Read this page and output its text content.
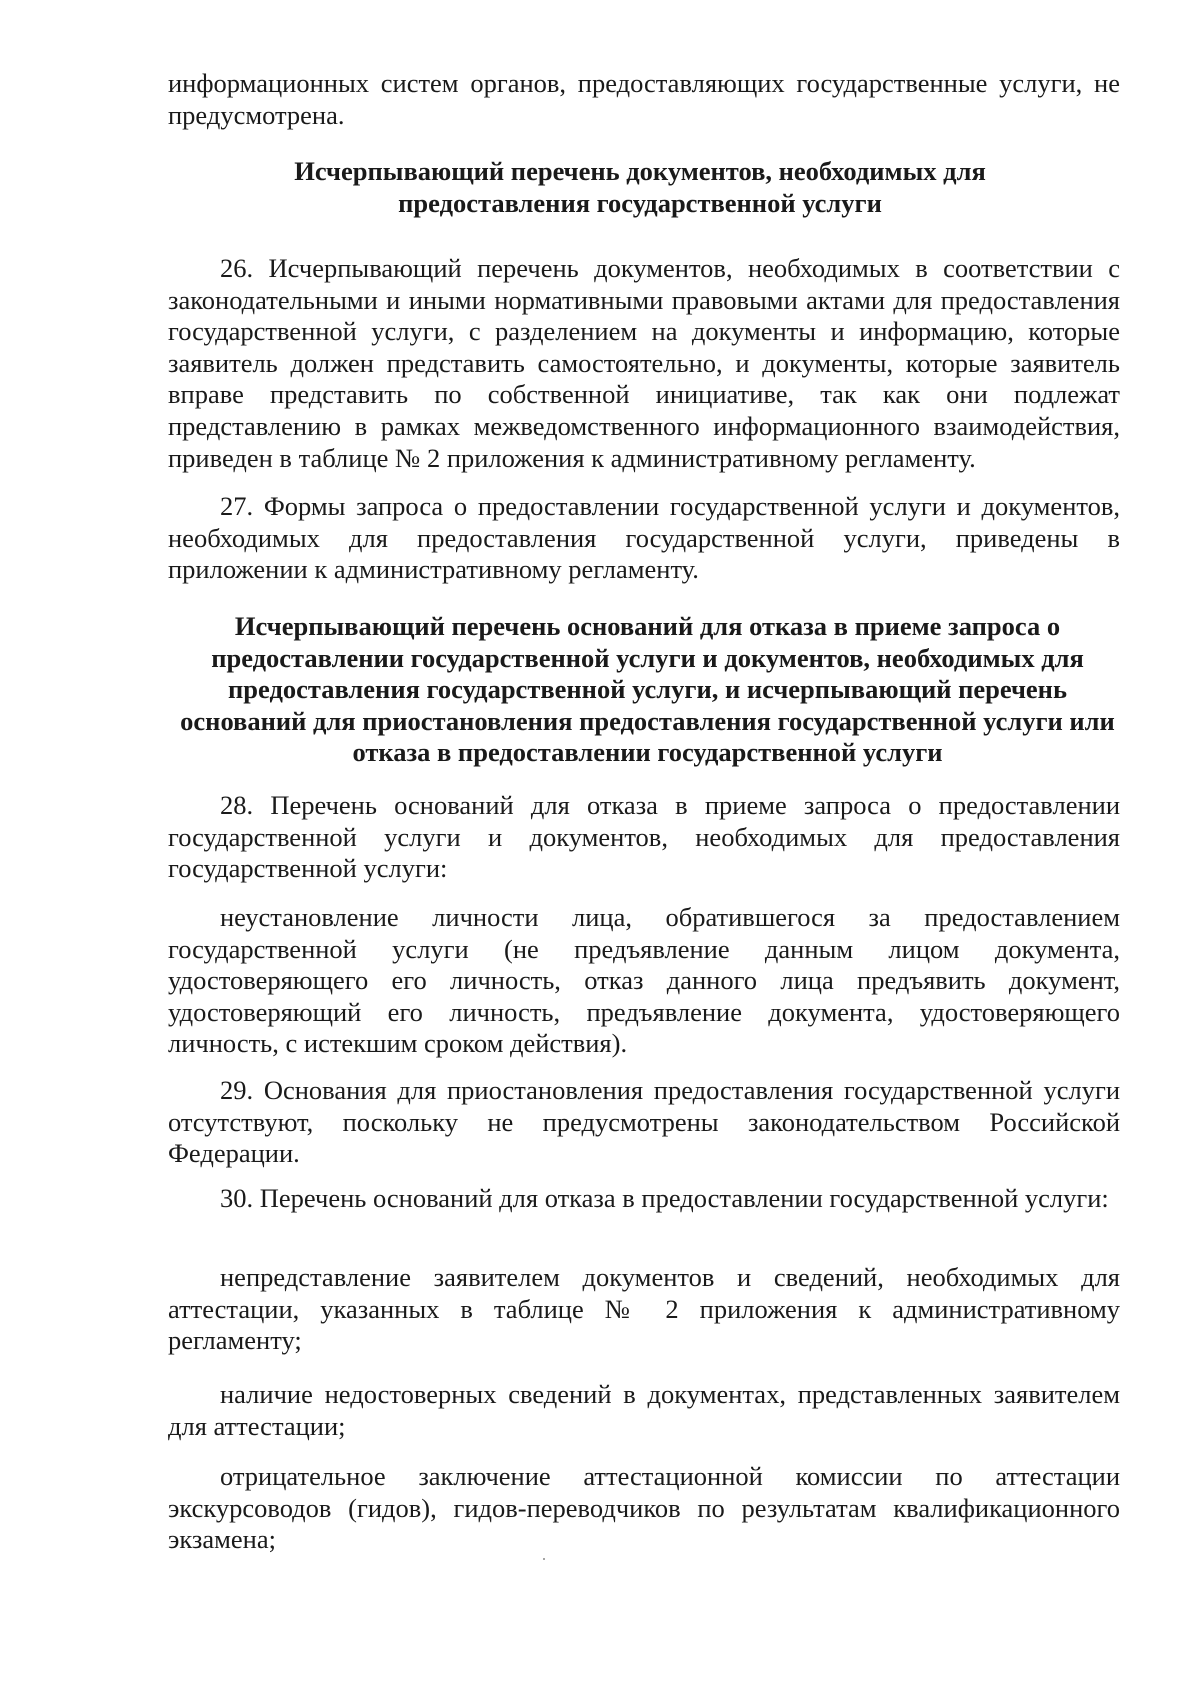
информационных систем органов, предоставляющих государственные услуги, не предусмотрена.

Исчерпывающий перечень документов, необходимых для предоставления государственной услуги

26. Исчерпывающий перечень документов, необходимых в соответствии с законодательными и иными нормативными правовыми актами для предоставления государственной услуги, с разделением на документы и информацию, которые заявитель должен представить самостоятельно, и документы, которые заявитель вправе представить по собственной инициативе, так как они подлежат представлению в рамках межведомственного информационного взаимодействия, приведен в таблице № 2 приложения к административному регламенту.

27. Формы запроса о предоставлении государственной услуги и документов, необходимых для предоставления государственной услуги, приведены в приложении к административному регламенту.

Исчерпывающий перечень оснований для отказа в приеме запроса о предоставлении государственной услуги и документов, необходимых для предоставления государственной услуги, и исчерпывающий перечень оснований для приостановления предоставления государственной услуги или отказа в предоставлении государственной услуги

28. Перечень оснований для отказа в приеме запроса о предоставлении государственной услуги и документов, необходимых для предоставления государственной услуги:

неустановление личности лица, обратившегося за предоставлением государственной услуги (не предъявление данным лицом документа, удостоверяющего его личность, отказ данного лица предъявить документ, удостоверяющий его личность, предъявление документа, удостоверяющего личность, с истекшим сроком действия).

29. Основания для приостановления предоставления государственной услуги отсутствуют, поскольку не предусмотрены законодательством Российской Федерации.

30. Перечень оснований для отказа в предоставлении государственной услуги:

непредставление заявителем документов и сведений, необходимых для аттестации, указанных в таблице № 2 приложения к административному регламенту;

наличие недостоверных сведений в документах, представленных заявителем для аттестации;

отрицательное заключение аттестационной комиссии по аттестации экскурсоводов (гидов), гидов-переводчиков по результатам квалификационного экзамена;
